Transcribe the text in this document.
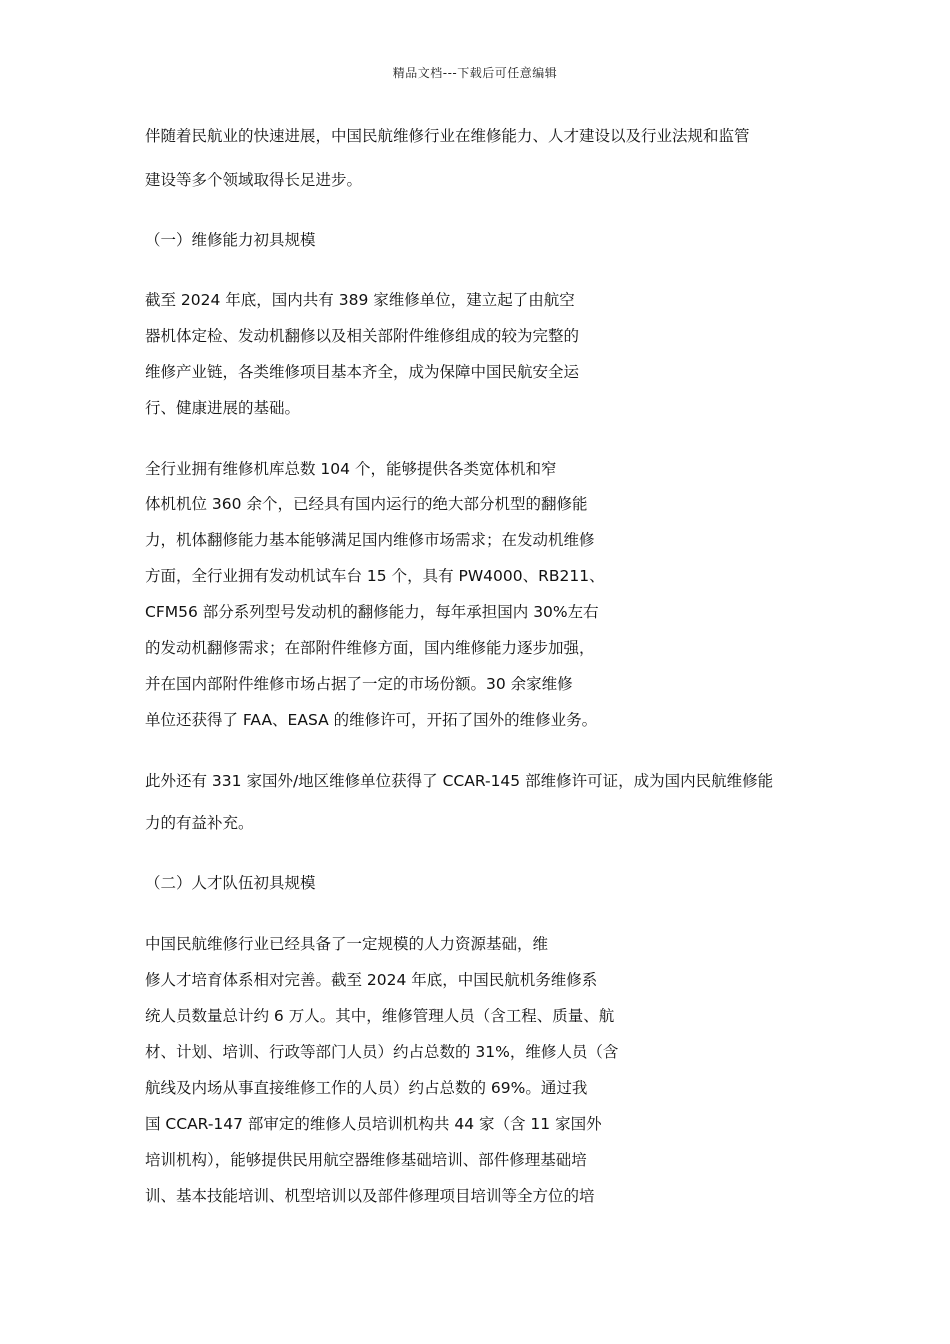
精品文档---下载后可任意编辑
伴随着民航业的快速进展，中国民航维修行业在维修能力、人才建设以及行业法规和监管
建设等多个领域取得长足进步。
（一）维修能力初具规模
截至 2024 年底，国内共有 389 家维修单位，建立起了由航空
器机体定检、发动机翻修以及相关部附件维修组成的较为完整的
维修产业链，各类维修项目基本齐全，成为保障中国民航安全运
行、健康进展的基础。
全行业拥有维修机库总数 104 个，能够提供各类宽体机和窄
体机机位 360 余个，已经具有国内运行的绝大部分机型的翻修能
力，机体翻修能力基本能够满足国内维修市场需求；在发动机维修
方面，全行业拥有发动机试车台 15 个，具有 PW4000、RB211、
CFM56 部分系列型号发动机的翻修能力，每年承担国内 30%左右
的发动机翻修需求；在部附件维修方面，国内维修能力逐步加强，
并在国内部附件维修市场占据了一定的市场份额。30 余家维修
单位还获得了 FAA、EASA 的维修许可，开拓了国外的维修业务。
此外还有 331 家国外/地区维修单位获得了 CCAR-145 部维修许可证，成为国内民航维修能
力的有益补充。
（二）人才队伍初具规模
中国民航维修行业已经具备了一定规模的人力资源基础，维
修人才培育体系相对完善。截至 2024 年底，中国民航机务维修系
统人员数量总计约 6 万人。其中，维修管理人员（含工程、质量、航
材、计划、培训、行政等部门人员）约占总数的 31%，维修人员（含
航线及内场从事直接维修工作的人员）约占总数的 69%。通过我
国 CCAR-147 部审定的维修人员培训机构共 44 家（含 11 家国外
培训机构），能够提供民用航空器维修基础培训、部件修理基础培
训、基本技能培训、机型培训以及部件修理项目培训等全方位的培
